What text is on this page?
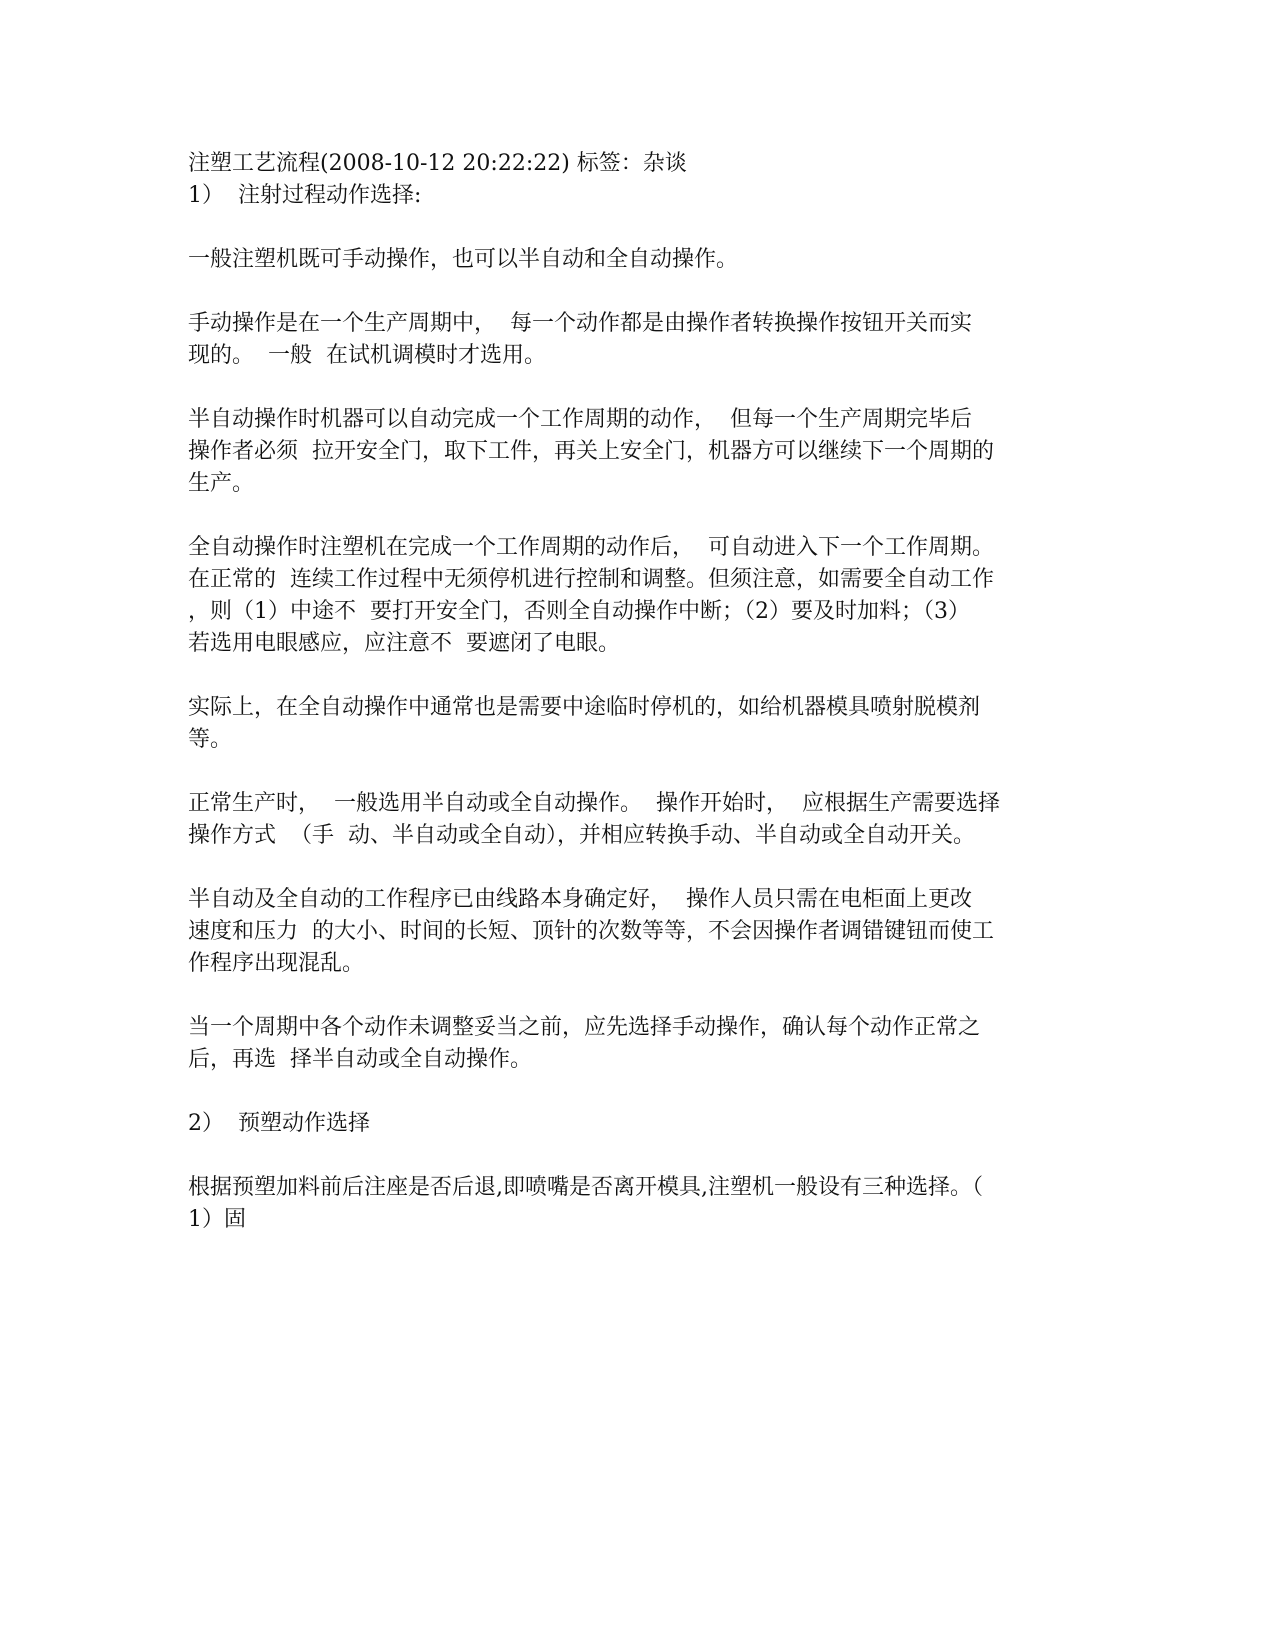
注塑工艺流程(2008-10-12 20:22:22) 标签：杂谈
1）  注射过程动作选择:
一般注塑机既可手动操作，也可以半自动和全自动操作。
手动操作是在一个生产周期中，  每一个动作都是由操作者转换操作按钮开关而实
现的。  一般  在试机调模时才选用。
半自动操作时机器可以自动完成一个工作周期的动作，  但每一个生产周期完毕后
操作者必须  拉开安全门，取下工件，再关上安全门，机器方可以继续下一个周期的
生产。
全自动操作时注塑机在完成一个工作周期的动作后，  可自动进入下一个工作周期。
在正常的  连续工作过程中无须停机进行控制和调整。但须注意，如需要全自动工作
，则（1）中途不  要打开安全门，否则全自动操作中断；（2）要及时加料；（3）
若选用电眼感应，应注意不  要遮闭了电眼。
实际上，在全自动操作中通常也是需要中途临时停机的，如给机器模具喷射脱模剂
等。
正常生产时，  一般选用半自动或全自动操作。  操作开始时，  应根据生产需要选择
操作方式  （手  动、半自动或全自动），并相应转换手动、半自动或全自动开关。
半自动及全自动的工作程序已由线路本身确定好，  操作人员只需在电柜面上更改
速度和压力  的大小、时间的长短、顶针的次数等等，不会因操作者调错键钮而使工
作程序出现混乱。
当一个周期中各个动作未调整妥当之前，应先选择手动操作，确认每个动作正常之
后，再选  择半自动或全自动操作。
2）  预塑动作选择
根据预塑加料前后注座是否后退,即喷嘴是否离开模具,注塑机一般设有三种选择。（
1）固
